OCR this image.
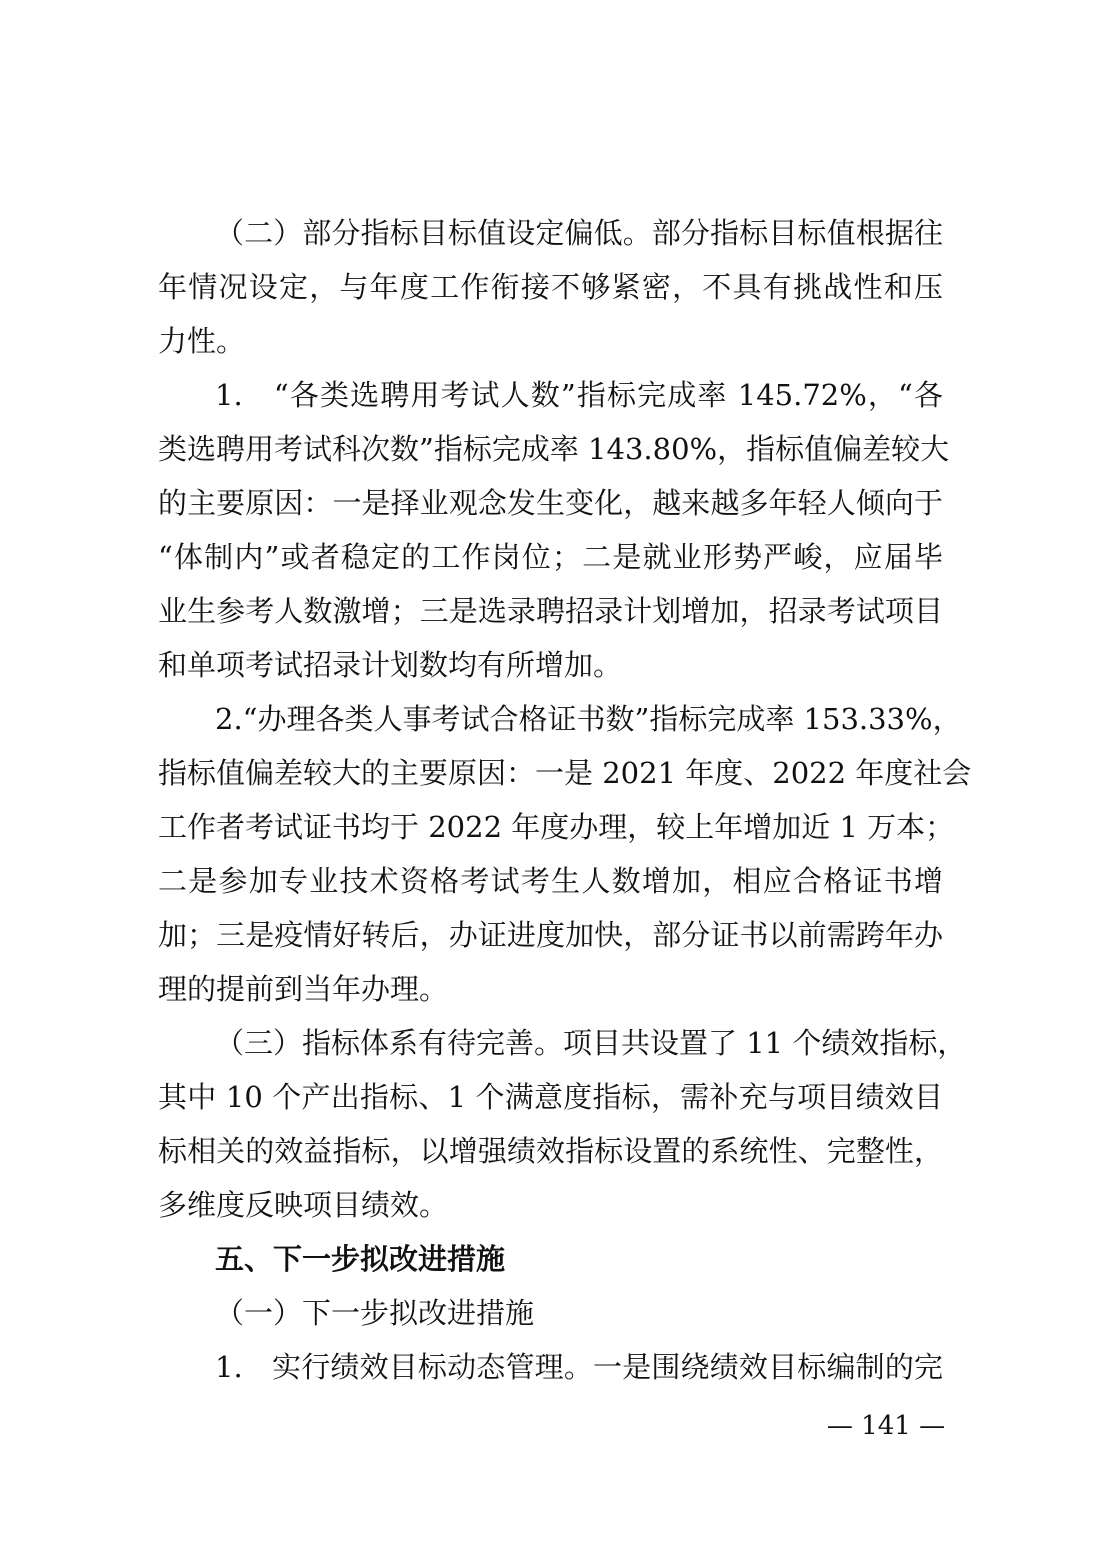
（二）部分指标目标值设定偏低。部分指标目标值根据往
年情况设定，与年度工作衔接不够紧密，不具有挑战性和压
力性。
1.　“各类选聘用考试人数”指标完成率 145.72%，“各
类选聘用考试科次数”指标完成率 143.80%，指标值偏差较大
的主要原因：一是择业观念发生变化，越来越多年轻人倾向于
“体制内”或者稳定的工作岗位；二是就业形势严峻，应届毕
业生参考人数激增；三是选录聘招录计划增加，招录考试项目
和单项考试招录计划数均有所增加。
2.“办理各类人事考试合格证书数”指标完成率 153.33%，
指标值偏差较大的主要原因：一是 2021 年度、2022 年度社会
工作者考试证书均于 2022 年度办理，较上年增加近 1 万本；
二是参加专业技术资格考试考生人数增加，相应合格证书增
加；三是疫情好转后，办证进度加快，部分证书以前需跨年办
理的提前到当年办理。
（三）指标体系有待完善。项目共设置了 11 个绩效指标，
其中 10 个产出指标、1 个满意度指标，需补充与项目绩效目
标相关的效益指标，以增强绩效指标设置的系统性、完整性，
多维度反映项目绩效。
五、下一步拟改进措施
（一）下一步拟改进措施
1.　实行绩效目标动态管理。一是围绕绩效目标编制的完
— 141 —
